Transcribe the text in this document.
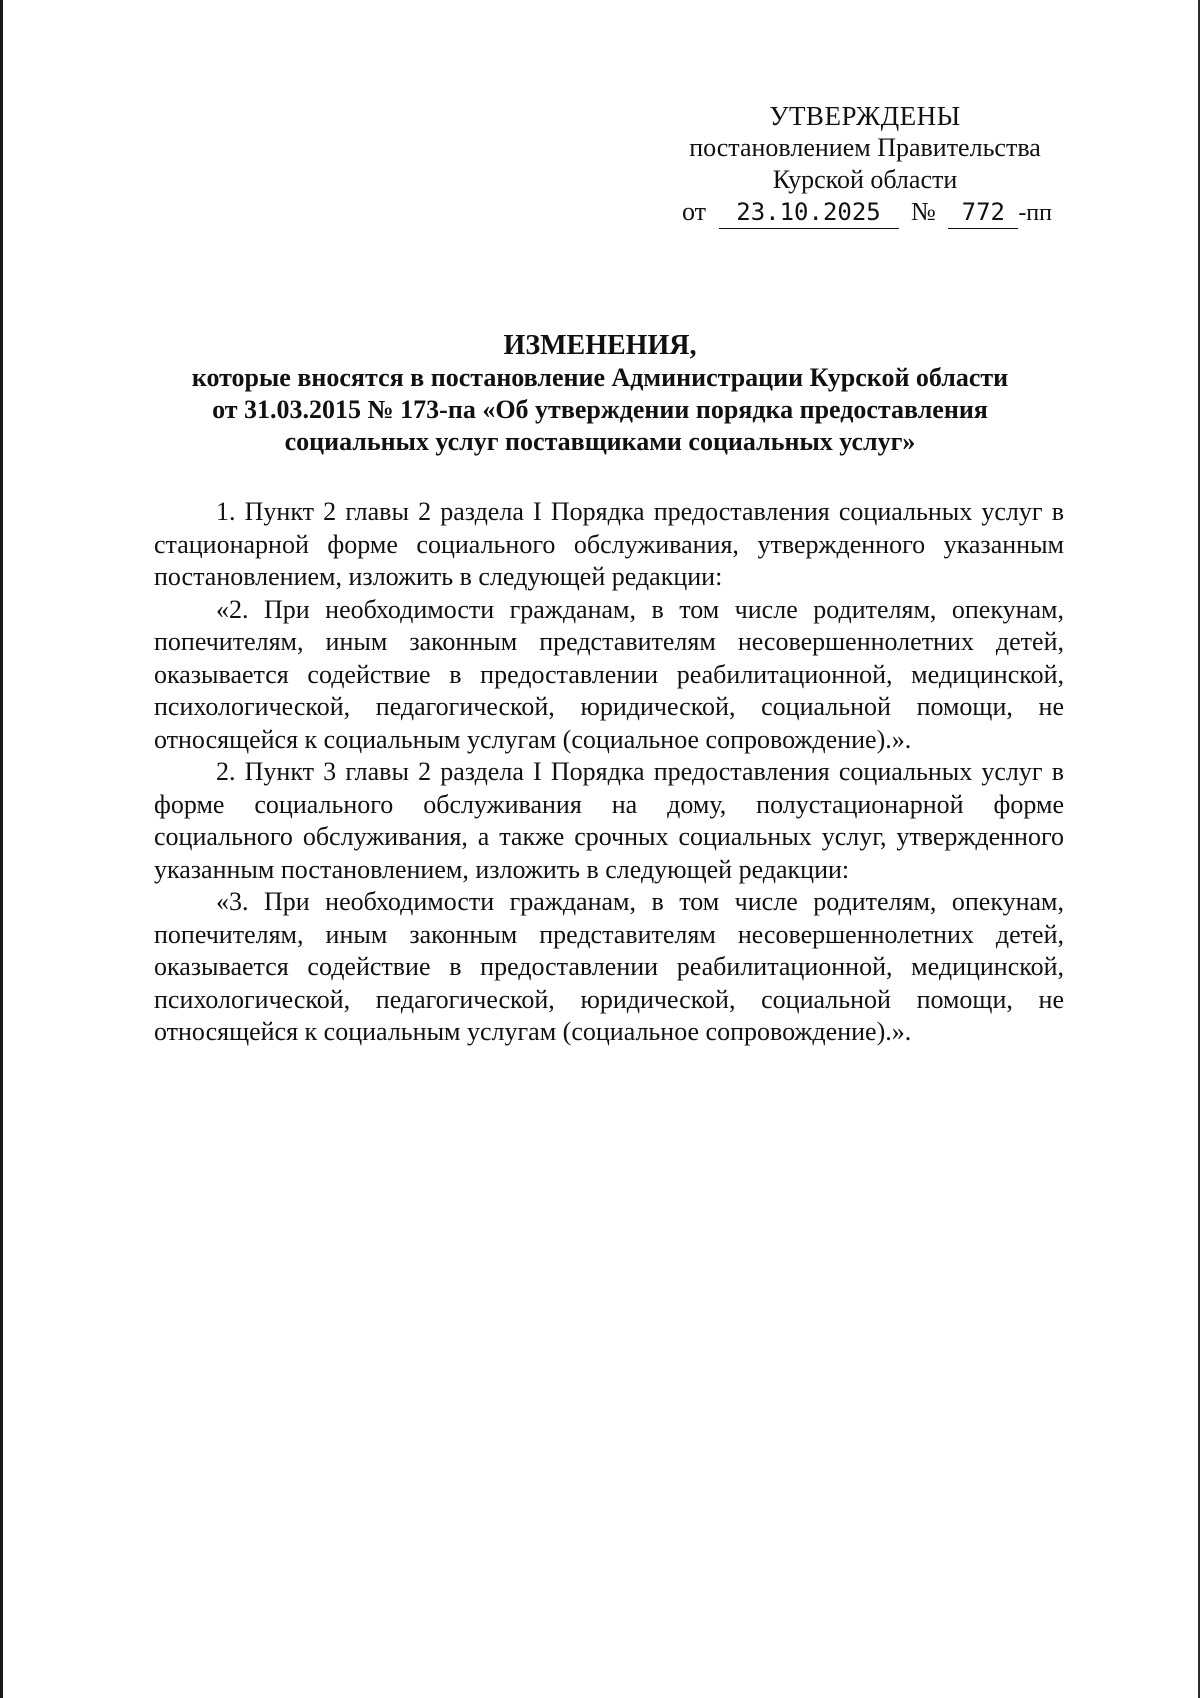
УТВЕРЖДЕНЫ
постановлением Правительства
Курской области
от 23.10.2025 № 772 -пп
ИЗМЕНЕНИЯ,
которые вносятся в постановление Администрации Курской области
от 31.03.2015 № 173-па «Об утверждении порядка предоставления
социальных услуг поставщиками социальных услуг»

1. Пункт 2 главы 2 раздела I Порядка предоставления социальных услуг в стационарной форме социального обслуживания, утвержденного указанным постановлением, изложить в следующей редакции:

«2. При необходимости гражданам, в том числе родителям, опекунам, попечителям, иным законным представителям несовершеннолетних детей, оказывается содействие в предоставлении реабилитационной, медицинской, психологической, педагогической, юридической, социальной помощи, не относящейся к социальным услугам (социальное сопровождение).».

2. Пункт 3 главы 2 раздела I Порядка предоставления социальных услуг в форме социального обслуживания на дому, полустационарной форме социального обслуживания, а также срочных социальных услуг, утвержденного указанным постановлением, изложить в следующей редакции:

«3. При необходимости гражданам, в том числе родителям, опекунам, попечителям, иным законным представителям несовершеннолетних детей, оказывается содействие в предоставлении реабилитационной, медицинской, психологической, педагогической, юридической, социальной помощи, не относящейся к социальным услугам (социальное сопровождение).».
